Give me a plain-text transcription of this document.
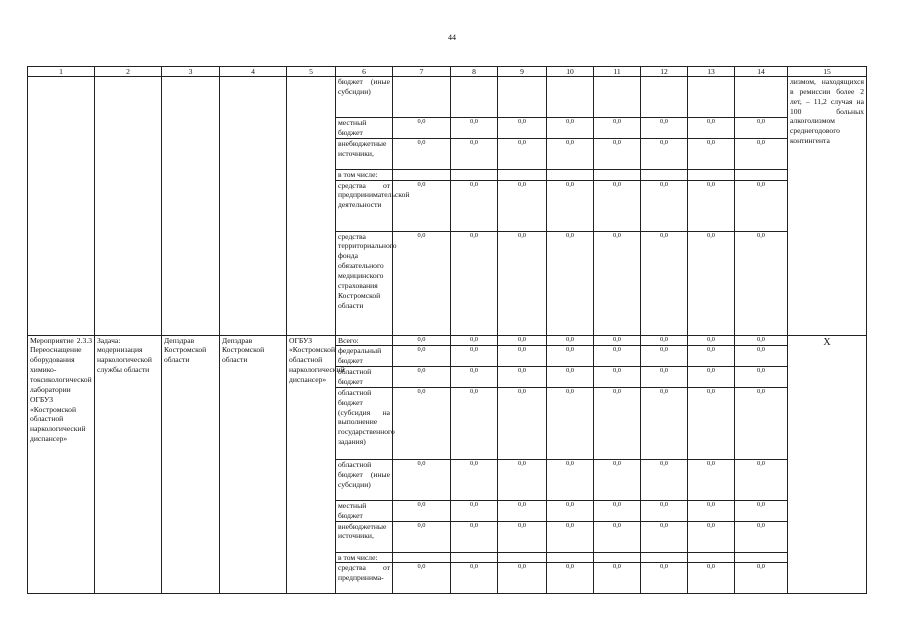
44
1	2	3	4	5	6	7	8	9	10	11	12	13	14	15
					бюджет (иные субсидии)									лизмом, находящихся в ремиссии более 2 лет, – 11,2 случая на 100 больных алкоголизмом среднегодового контингента
					местный бюджет	0,0	0,0	0,0	0,0	0,0	0,0	0,0	0,0	
					внебюджетные источники,	0,0	0,0	0,0	0,0	0,0	0,0	0,0	0,0	
					в том числе:									
					средства от предпринимательской деятельности	0,0	0,0	0,0	0,0	0,0	0,0	0,0	0,0	
					средства территориального фонда обязательного медицинского страхования Костромской области	0,0	0,0	0,0	0,0	0,0	0,0	0,0	0,0	
Мероприятие 2.3.3 Переоснащение оборудования химико-токсикологической лаборатории ОГБУЗ «Костромской областной наркологический диспансер»	Задача: модернизация наркологической службы области	Депздрав Костромской области	Депздрав Костромской области	ОГБУЗ «Костромской областной наркологический диспансер»	Всего:	0,0	0,0	0,0	0,0	0,0	0,0	0,0	0,0	Х
					федеральный бюджет	0,0	0,0	0,0	0,0	0,0	0,0	0,0	0,0	
					областной бюджет	0,0	0,0	0,0	0,0	0,0	0,0	0,0	0,0	
					областной бюджет (субсидия на выполнение государственного задания)	0,0	0,0	0,0	0,0	0,0	0,0	0,0	0,0	
					областной бюджет (иные субсидии)	0,0	0,0	0,0	0,0	0,0	0,0	0,0	0,0	
					местный бюджет	0,0	0,0	0,0	0,0	0,0	0,0	0,0	0,0	
					внебюджетные источники,	0,0	0,0	0,0	0,0	0,0	0,0	0,0	0,0	
					в том числе:									
					средства от предпринима-	0,0	0,0	0,0	0,0	0,0	0,0	0,0	0,0	
